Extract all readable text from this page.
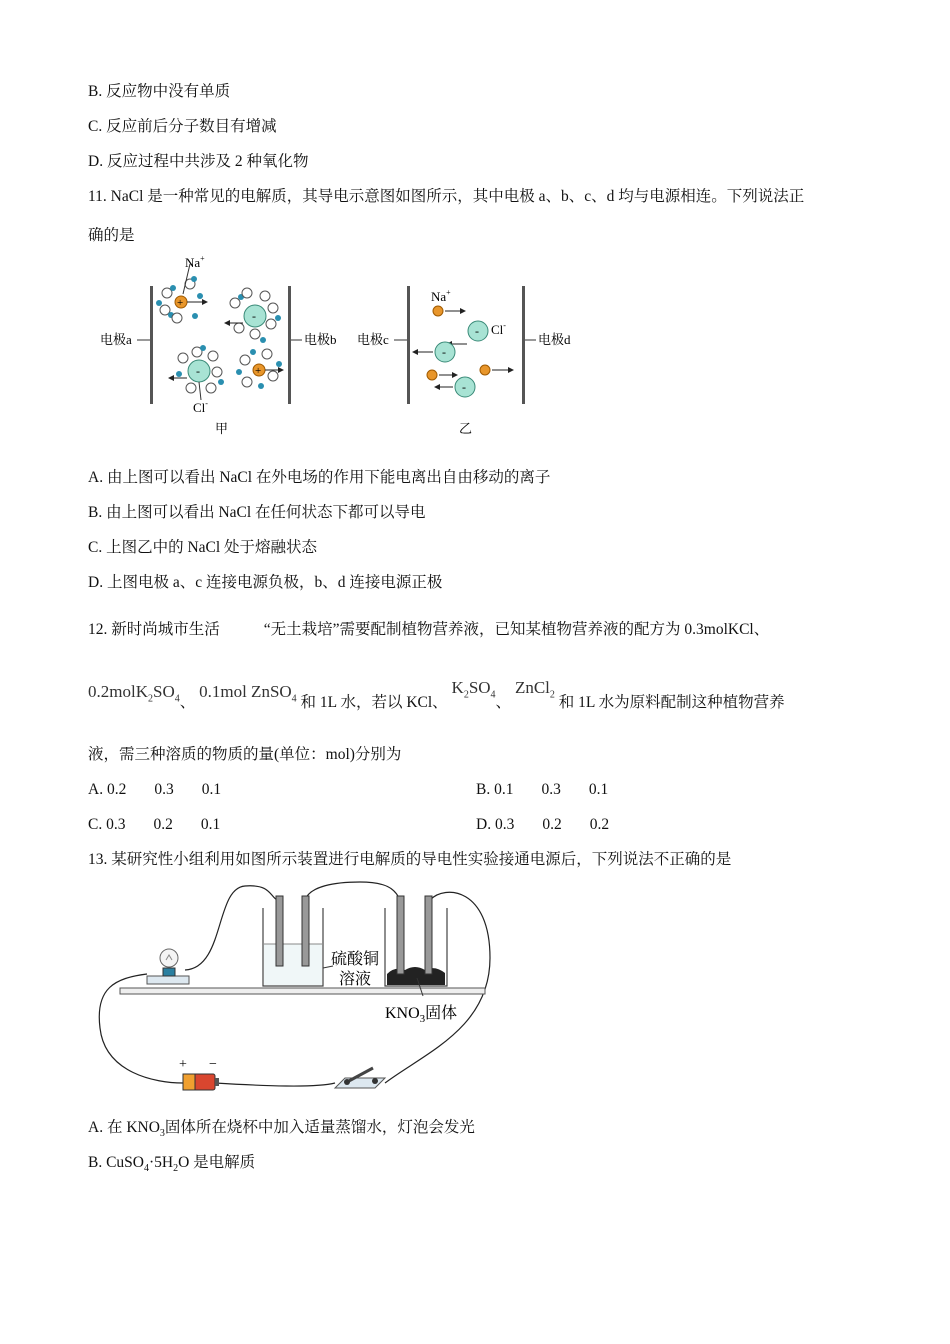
B. 反应物中没有单质
C. 反应前后分子数目有增减
D. 反应过程中共涉及 2 种氧化物
11. NaCl 是一种常见的电解质，其导电示意图如图所示，其中电极 a、b、c、d 均与电源相连。下列说法正
确的是
电极a	电极b
+
Na+
-
-
Cl-
+
甲
电极c	电极d
Na+
- Cl-
-
-
乙
A. 由上图可以看出 NaCl 在外电场的作用下能电离出自由移动的离子
B. 由上图可以看出 NaCl 在任何状态下都可以导电
C. 上图乙中的 NaCl 处于熔融状态
D. 上图电极 a、c 连接电源负极，b、d 连接电源正极
12. 新时尚城市生活	“无土栽培”需要配制植物营养液，已知某植物营养液的配方为 0.3molKCl、
$0.2molK_2SO_4$、 0.1mol ZnSO$_4$ 和 1L 水，若以 KCl、 $K_2SO_4$、 ZnCl$_2$ 和 1L 水为原料配制这种植物营养
液，需三种溶质的物质的量(单位：mol)分别为
A. 0.2 0.3 0.1	B. 0.1 0.3 0.1
C. 0.3 0.2 0.1	D. 0.3 0.2 0.2
13. 某研究性小组利用如图所示装置进行电解质的导电性实验接通电源后，下列说法不正确的是
硫酸铜
溶液
$KNO_3$固体
+ −
A. 在 $KNO_3$固体所在烧杯中加入适量蒸馏水，灯泡会发光
B. $CuSO_4\cdot 5H_2O$ 是电解质
